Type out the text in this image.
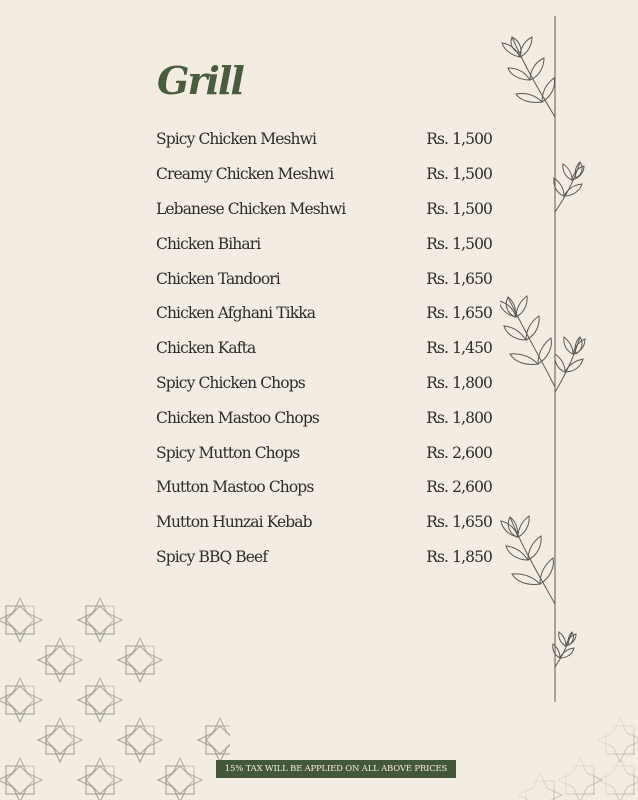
Grill
Spicy Chicken Meshwi	Rs. 1,500
Creamy Chicken Meshwi	Rs. 1,500
Lebanese Chicken Meshwi	Rs. 1,500
Chicken Bihari	Rs. 1,500
Chicken Tandoori	Rs. 1,650
Chicken Afghani Tikka	Rs. 1,650
Chicken Kafta	Rs. 1,450
Spicy Chicken Chops	Rs. 1,800
Chicken Mastoo Chops	Rs. 1,800
Spicy Mutton Chops	Rs. 2,600
Mutton Mastoo Chops	Rs. 2,600
Mutton Hunzai Kebab	Rs. 1,650
Spicy BBQ Beef	Rs. 1,850
15% TAX WILL BE APPLIED ON ALL ABOVE PRICES
